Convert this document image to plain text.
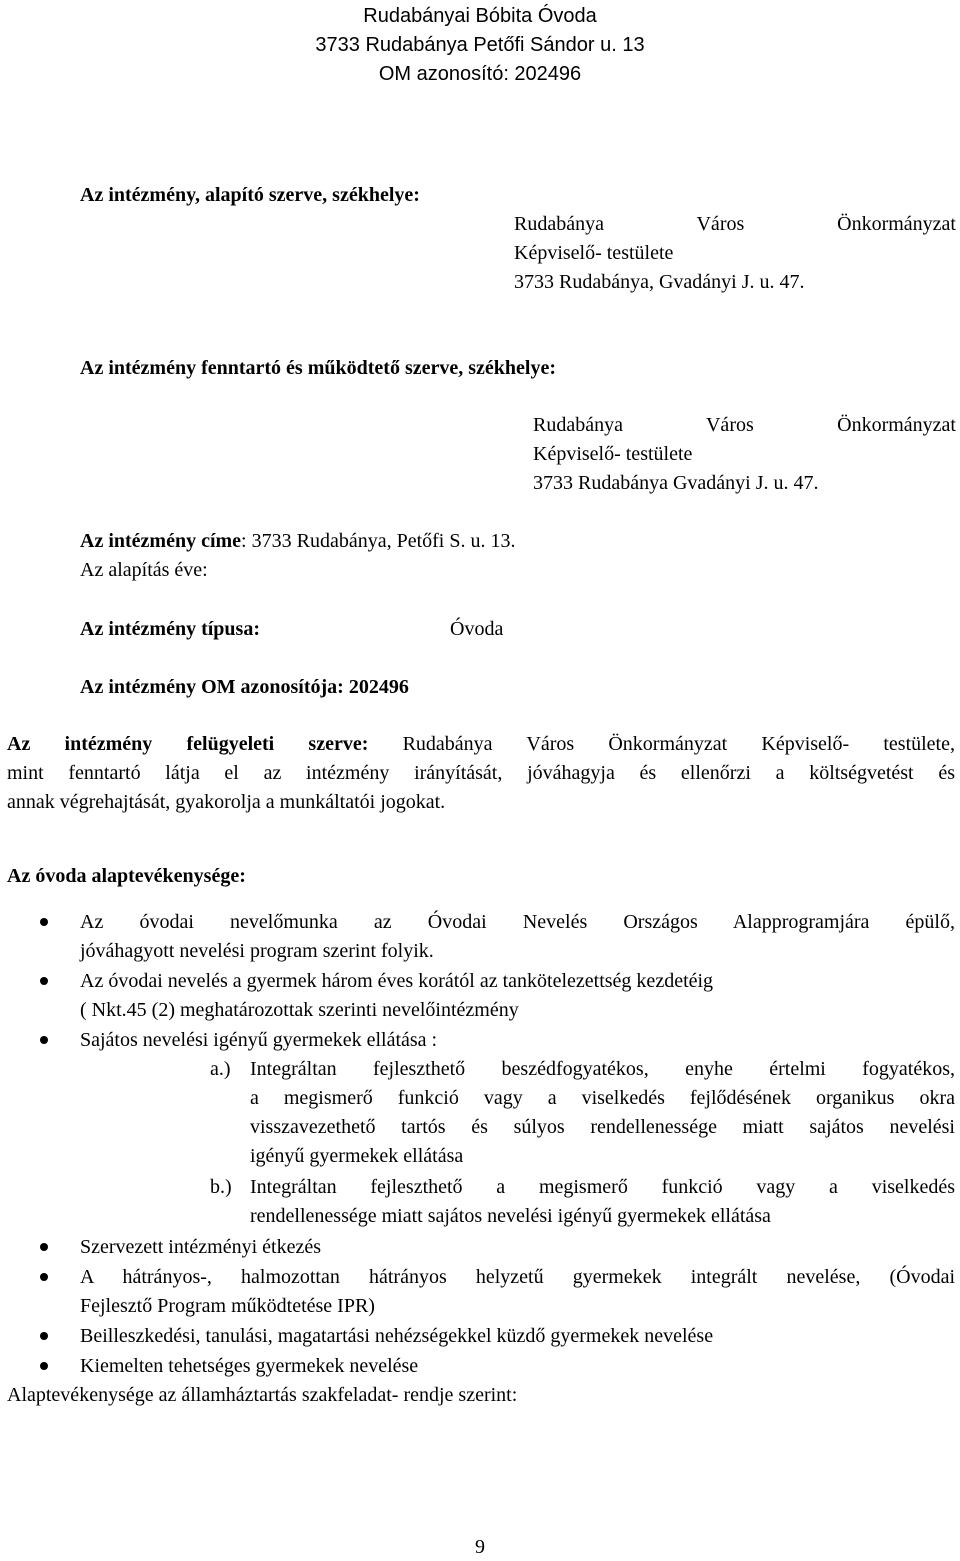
Rudabányai Bóbita Óvoda
3733 Rudabánya Petőfi Sándor u. 13
OM azonosító: 202496
Az intézmény, alapító szerve, székhelye:
Rudabánya Város Önkormányzat
Képviselő- testülete
3733 Rudabánya, Gvadányi J. u. 47.
Az intézmény fenntartó és működtető szerve, székhelye:
Rudabánya Város Önkormányzat
Képviselő- testülete
3733 Rudabánya Gvadányi J. u. 47.
Az intézmény címe: 3733 Rudabánya, Petőfi S. u. 13.
Az alapítás éve:
Az intézmény típusa:	Óvoda
Az intézmény OM azonosítója: 202496
Az intézmény felügyeleti szerve: Rudabánya Város Önkormányzat Képviselő- testülete,
mint fenntartó látja el az intézmény irányítását, jóváhagyja és ellenőrzi a költségvetést és
annak végrehajtását, gyakorolja a munkáltatói jogokat.
Az óvoda alaptevékenysége:
Az óvodai nevelőmunka az Óvodai Nevelés Országos Alapprogramjára épülő,
jóváhagyott nevelési program szerint folyik.
Az óvodai nevelés a gyermek három éves korától az tankötelezettség kezdetéig
( Nkt.45 (2) meghatározottak szerinti nevelőintézmény
Sajátos nevelési igényű gyermekek ellátása :
a.) Integráltan fejleszthető beszédfogyatékos, enyhe értelmi fogyatékos,
a megismerő funkció vagy a viselkedés fejlődésének organikus okra
visszavezethető tartós és súlyos rendellenessége miatt sajátos nevelési
igényű gyermekek ellátása
b.) Integráltan fejleszthető a megismerő funkció vagy a viselkedés
rendellenessége miatt sajátos nevelési igényű gyermekek ellátása
Szervezett intézményi étkezés
A hátrányos-, halmozottan hátrányos helyzetű gyermekek integrált nevelése, (Óvodai
Fejlesztő Program működtetése IPR)
Beilleszkedési, tanulási, magatartási nehézségekkel küzdő gyermekek nevelése
Kiemelten tehetséges gyermekek nevelése
Alaptevékenysége az államháztartás szakfeladat- rendje szerint:
9
